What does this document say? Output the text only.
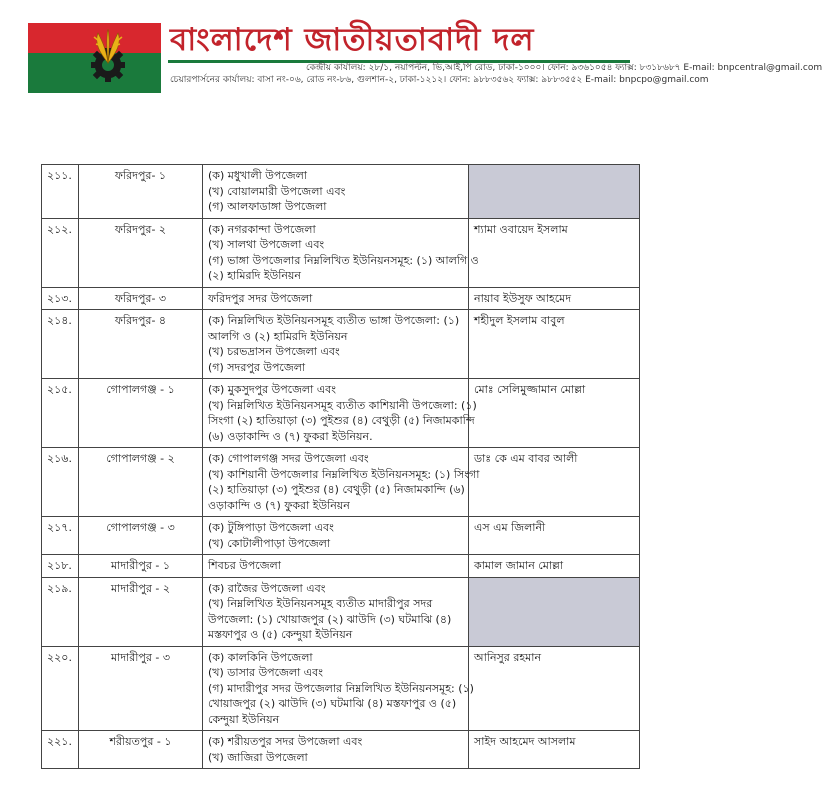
বাংলাদেশ জাতীয়তাবাদী দল
কেন্দ্রীয় কার্যালয়: ২৮/১, নয়াপল্টন, ভি,আই,পি রোড, ঢাকা-১০০০। ফোন: ৯৩৬১০৫৪ ফ্যাক্স: ৮৩১৮৬৮৭ E-mail: bnpcentral@gmail.com
চেয়ারপার্সনের কার্যালয়: বাসা নং-০৬, রোড নং-৮৬, গুলশান-২, ঢাকা-১২১২। ফোন: ৯৮৮৩৫৬২ ফ্যাক্স: ৯৮৮৩৫৫২ E-mail: bnpcpo@gmail.com
২১১.	ফরিদপুর- ১	(ক) মধুখালী উপজেলা
(খ) বোয়ালমারী উপজেলা এবং
(গ) আলফাডাঙ্গা উপজেলা	

২১২.	ফরিদপুর- ২	(ক) নগরকান্দা উপজেলা
(খ) সালথা উপজেলা এবং
(গ) ভাঙ্গা উপজেলার নিম্নলিখিত ইউনিয়নসমূহ: (১) আলগি ও
(২) হামিরদি ইউনিয়ন	শ্যামা ওবায়েদ ইসলাম
২১৩.	ফরিদপুর- ৩	ফরিদপুর সদর উপজেলা	নায়াব ইউসুফ আহমেদ
২১৪.	ফরিদপুর- ৪	(ক) নিম্নলিখিত ইউনিয়নসমূহ ব্যতীত ভাঙ্গা উপজেলা: (১)
আলগি ও (২) হামিরদি ইউনিয়ন
(খ) চরভদ্রাসন উপজেলা এবং
(গ) সদরপুর উপজেলা	শহীদুল ইসলাম বাবুল
২১৫.	গোপালগঞ্জ - ১	(ক) মুকসুদপুর উপজেলা এবং
(খ) নিম্নলিখিত ইউনিয়নসমূহ ব্যতীত কাশিয়ানী উপজেলা: (১)
সিংগা (২) হাতিয়াড়া (৩) পুইশুর (৪) বেথুড়ী (৫) নিজামকান্দি
(৬) ওড়াকান্দি ও (৭) ফুকরা ইউনিয়ন.	মোঃ সেলিমুজ্জামান মোল্লা
২১৬.	গোপালগঞ্জ - ২	(ক) গোপালগঞ্জ সদর উপজেলা এবং
(খ) কাশিয়ানী উপজেলার নিম্নলিখিত ইউনিয়নসমূহ: (১) সিংগা
(২) হাতিয়াড়া (৩) পুইশুর (৪) বেথুড়ী (৫) নিজামকান্দি (৬)
ওড়াকান্দি ও (৭) ফুকরা ইউনিয়ন	ডাঃ কে এম বাবর আলী
২১৭.	গোপালগঞ্জ - ৩	(ক) টুঙ্গিপাড়া উপজেলা এবং
(খ) কোটালীপাড়া উপজেলা	এস এম জিলানী
২১৮.	মাদারীপুর - ১	শিবচর উপজেলা	কামাল জামান মোল্লা
২১৯.	মাদারীপুর - ২	(ক) রাজৈর উপজেলা এবং
(খ) নিম্নলিখিত ইউনিয়নসমূহ ব্যতীত মাদারীপুর সদর
উপজেলা: (১) খোয়াজপুর (২) ঝাউদি (৩) ঘটমাঝি (৪)
মস্তফাপুর ও (৫) কেন্দুয়া ইউনিয়ন	

২২০.	মাদারীপুর - ৩	(ক) কালকিনি উপজেলা
(খ) ডাসার উপজেলা এবং
(গ) মাদারীপুর সদর উপজেলার নিম্নলিখিত ইউনিয়নসমূহ: (১)
খোয়াজপুর (২) ঝাউদি (৩) ঘটমাঝি (৪) মস্তফাপুর ও (৫)
কেন্দুয়া ইউনিয়ন	আনিসুর রহমান
২২১.	শরীয়তপুর - ১	(ক) শরীয়তপুর সদর উপজেলা এবং
(খ) জাজিরা উপজেলা	সাইদ আহমেদ আসলাম
